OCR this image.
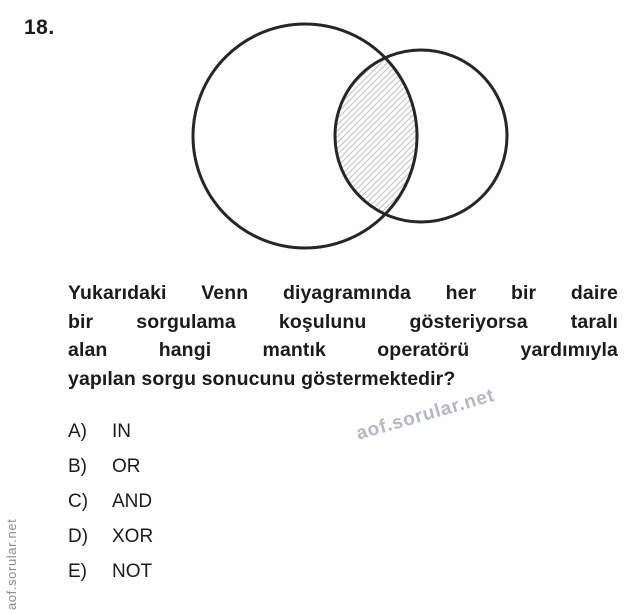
18.
aof.sorular.net
Yukarıdaki Venn diyagramında her bir daire
bir sorgulama koşulunu gösteriyorsa taralı
alan hangi mantık operatörü yardımıyla
yapılan sorgu sonucunu göstermektedir?
A)	IN
B)	OR
C)	AND
D)	XOR
E)	NOT
aof.sorular.net
